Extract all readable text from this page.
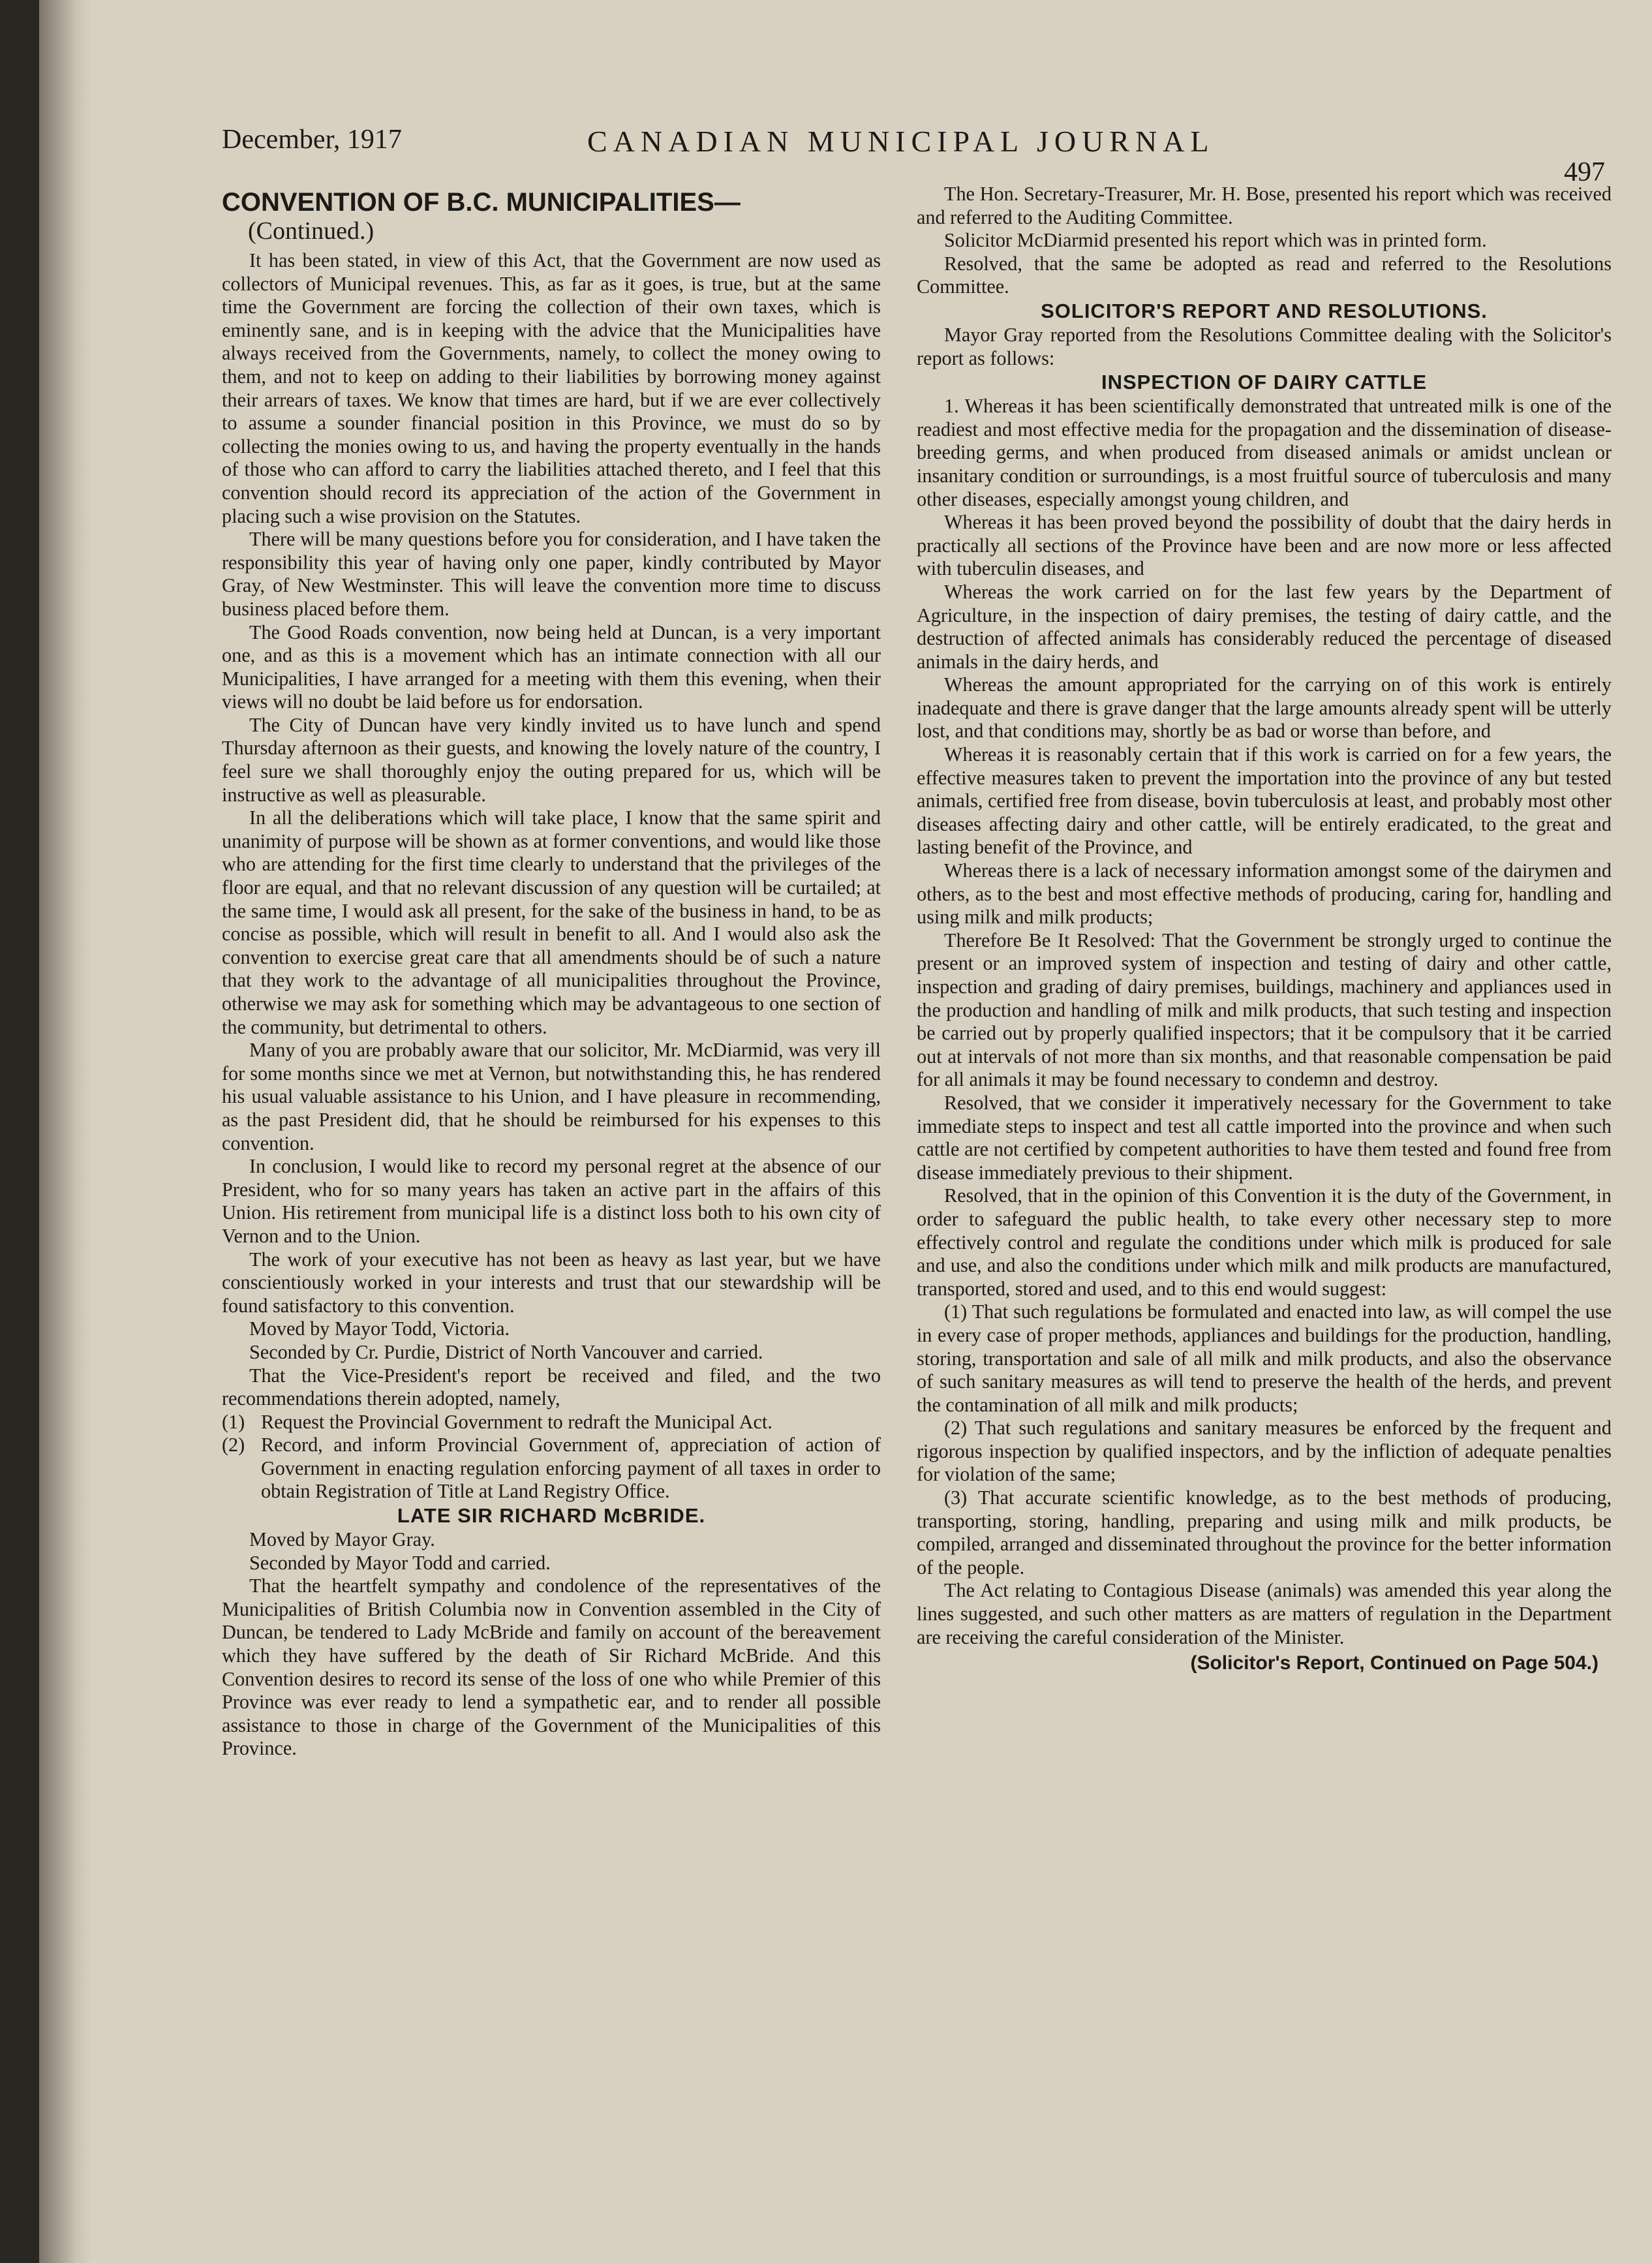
December, 1917	CANADIAN MUNICIPAL JOURNAL
497
CONVENTION OF B.C. MUNICIPALITIES—
(Continued.)

It has been stated, in view of this Act, that the Government are now used as collectors of Municipal revenues. This, as far as it goes, is true, but at the same time the Government are forcing the collection of their own taxes, which is eminently sane, and is in keeping with the advice that the Municipalities have always received from the Governments, namely, to collect the money owing to them, and not to keep on adding to their liabilities by borrowing money against their arrears of taxes. We know that times are hard, but if we are ever collectively to assume a sounder financial position in this Province, we must do so by collecting the monies owing to us, and having the property eventually in the hands of those who can afford to carry the liabilities attached thereto, and I feel that this convention should record its appreciation of the action of the Government in placing such a wise provision on the Statutes.

There will be many questions before you for consideration, and I have taken the responsibility this year of having only one paper, kindly contributed by Mayor Gray, of New Westminster. This will leave the convention more time to discuss business placed before them.

The Good Roads convention, now being held at Duncan, is a very important one, and as this is a movement which has an intimate connection with all our Municipalities, I have arranged for a meeting with them this evening, when their views will no doubt be laid before us for endorsation.

The City of Duncan have very kindly invited us to have lunch and spend Thursday afternoon as their guests, and knowing the lovely nature of the country, I feel sure we shall thoroughly enjoy the outing prepared for us, which will be instructive as well as pleasurable.

In all the deliberations which will take place, I know that the same spirit and unanimity of purpose will be shown as at former conventions, and would like those who are attending for the first time clearly to understand that the privileges of the floor are equal, and that no relevant discussion of any question will be curtailed; at the same time, I would ask all present, for the sake of the business in hand, to be as concise as possible, which will result in benefit to all. And I would also ask the convention to exercise great care that all amendments should be of such a nature that they work to the advantage of all municipalities throughout the Province, otherwise we may ask for something which may be advantageous to one section of the community, but detrimental to others.

Many of you are probably aware that our solicitor, Mr. McDiarmid, was very ill for some months since we met at Vernon, but notwithstanding this, he has rendered his usual valuable assistance to his Union, and I have pleasure in recommending, as the past President did, that he should be reimbursed for his expenses to this convention.

In conclusion, I would like to record my personal regret at the absence of our President, who for so many years has taken an active part in the affairs of this Union. His retirement from municipal life is a distinct loss both to his own city of Vernon and to the Union.

The work of your executive has not been as heavy as last year, but we have conscientiously worked in your interests and trust that our stewardship will be found satisfactory to this convention.

Moved by Mayor Todd, Victoria.

Seconded by Cr. Purdie, District of North Vancouver and carried.

That the Vice-President's report be received and filed, and the two recommendations therein adopted, namely,

(1) Request the Provincial Government to redraft the Municipal Act.
(2) Record, and inform Provincial Government of, appreciation of action of Government in enacting regulation enforcing payment of all taxes in order to obtain Registration of Title at Land Registry Office.
LATE SIR RICHARD McBRIDE.

Moved by Mayor Gray.

Seconded by Mayor Todd and carried.

That the heartfelt sympathy and condolence of the representatives of the Municipalities of British Columbia now in Convention assembled in the City of Duncan, be tendered to Lady McBride and family on account of the bereavement which they have suffered by the death of Sir Richard McBride. And this Convention desires to record its sense of the loss of one who while Premier of this Province was ever ready to lend a sympathetic ear, and to render all possible assistance to those in charge of the Government of the Municipalities of this Province.

The Hon. Secretary-Treasurer, Mr. H. Bose, presented his report which was received and referred to the Auditing Committee.

Solicitor McDiarmid presented his report which was in printed form.

Resolved, that the same be adopted as read and referred to the Resolutions Committee.

SOLICITOR'S REPORT AND RESOLUTIONS.

Mayor Gray reported from the Resolutions Committee dealing with the Solicitor's report as follows:

INSPECTION OF DAIRY CATTLE

1. Whereas it has been scientifically demonstrated that untreated milk is one of the readiest and most effective media for the propagation and the dissemination of disease-breeding germs, and when produced from diseased animals or amidst unclean or insanitary condition or surroundings, is a most fruitful source of tuberculosis and many other diseases, especially amongst young children, and

Whereas it has been proved beyond the possibility of doubt that the dairy herds in practically all sections of the Province have been and are now more or less affected with tuberculin diseases, and

Whereas the work carried on for the last few years by the Department of Agriculture, in the inspection of dairy premises, the testing of dairy cattle, and the destruction of affected animals has considerably reduced the percentage of diseased animals in the dairy herds, and

Whereas the amount appropriated for the carrying on of this work is entirely inadequate and there is grave danger that the large amounts already spent will be utterly lost, and that conditions may, shortly be as bad or worse than before, and

Whereas it is reasonably certain that if this work is carried on for a few years, the effective measures taken to prevent the importation into the province of any but tested animals, certified free from disease, bovin tuberculosis at least, and probably most other diseases affecting dairy and other cattle, will be entirely eradicated, to the great and lasting benefit of the Province, and

Whereas there is a lack of necessary information amongst some of the dairymen and others, as to the best and most effective methods of producing, caring for, handling and using milk and milk products;

Therefore Be It Resolved: That the Government be strongly urged to continue the present or an improved system of inspection and testing of dairy and other cattle, inspection and grading of dairy premises, buildings, machinery and appliances used in the production and handling of milk and milk products, that such testing and inspection be carried out by properly qualified inspectors; that it be compulsory that it be carried out at intervals of not more than six months, and that reasonable compensation be paid for all animals it may be found necessary to condemn and destroy.

Resolved, that we consider it imperatively necessary for the Government to take immediate steps to inspect and test all cattle imported into the province and when such cattle are not certified by competent authorities to have them tested and found free from disease immediately previous to their shipment.

Resolved, that in the opinion of this Convention it is the duty of the Government, in order to safeguard the public health, to take every other necessary step to more effectively control and regulate the conditions under which milk is produced for sale and use, and also the conditions under which milk and milk products are manufactured, transported, stored and used, and to this end would suggest:

(1) That such regulations be formulated and enacted into law, as will compel the use in every case of proper methods, appliances and buildings for the production, handling, storing, transportation and sale of all milk and milk products, and also the observance of such sanitary measures as will tend to preserve the health of the herds, and prevent the contamination of all milk and milk products;

(2) That such regulations and sanitary measures be enforced by the frequent and rigorous inspection by qualified inspectors, and by the infliction of adequate penalties for violation of the same;

(3) That accurate scientific knowledge, as to the best methods of producing, transporting, storing, handling, preparing and using milk and milk products, be compiled, arranged and disseminated throughout the province for the better information of the people.

The Act relating to Contagious Disease (animals) was amended this year along the lines suggested, and such other matters as are matters of regulation in the Department are receiving the careful consideration of the Minister.

(Solicitor's Report, Continued on Page 504.)
